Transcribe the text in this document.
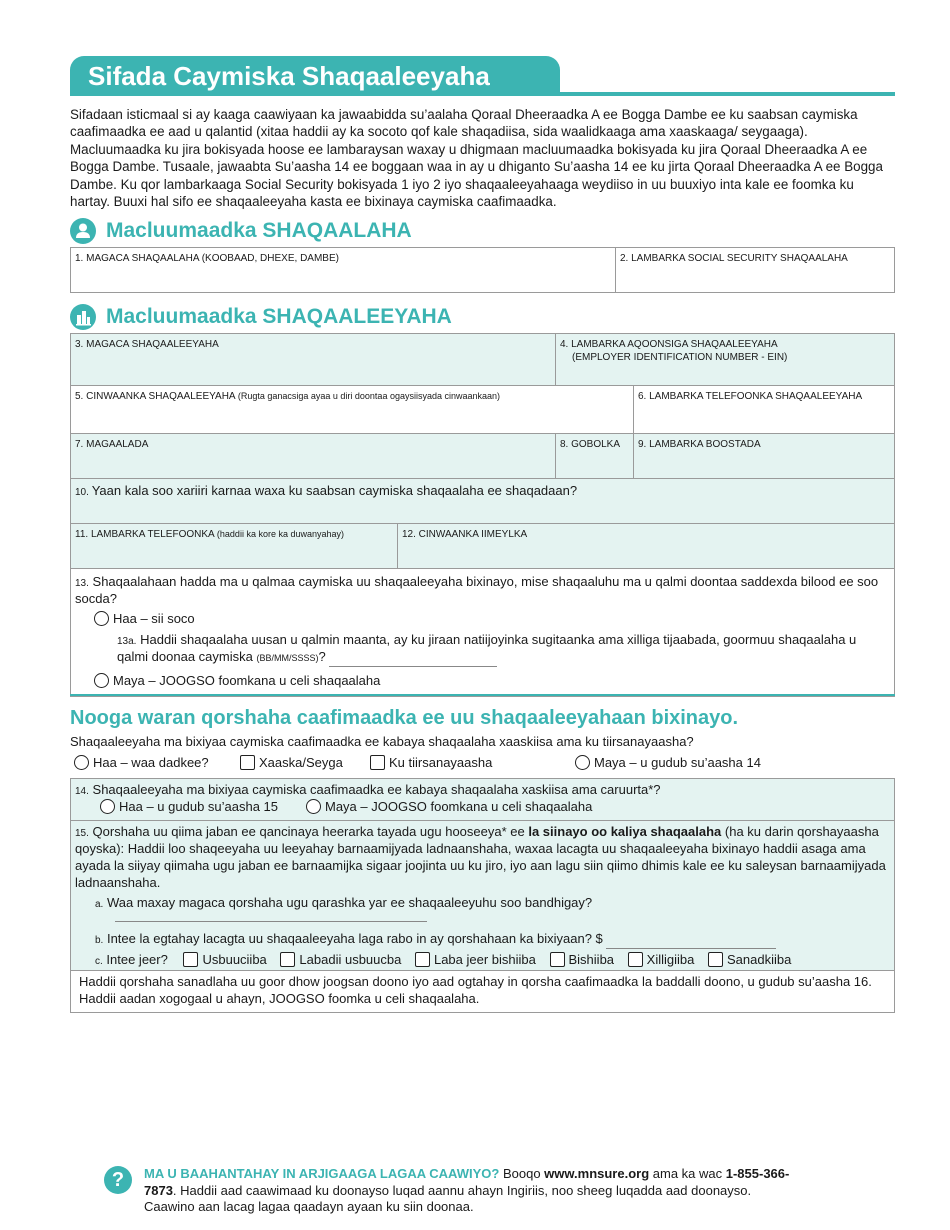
Sifada Caymiska Shaqaaleeyaha
Sifadaan isticmaal si ay kaaga caawiyaan ka jawaabidda su’aalaha Qoraal Dheeraadka A ee Bogga Dambe ee ku saabsan caymiska caafimaadka ee aad u qalantid (xitaa haddii ay ka socoto qof kale shaqadiisa, sida waalidkaaga ama xaaskaaga/ seygaaga). Macluumaadka ku jira bokisyada hoose ee lambaraysan waxay u dhigmaan macluumaadka bokisyada ku jira Qoraal Dheeraadka A ee Bogga Dambe. Tusaale, jawaabta Su’aasha 14 ee boggaan waa in ay u dhiganto Su’aasha 14 ee ku jirta Qoraal Dheeraadka A ee Bogga Dambe. Ku qor lambarkaaga Social Security bokisyada 1 iyo 2 iyo shaqaaleeyahaaga weydiiso in uu buuxiyo inta kale ee foomka ku hartay. Buuxi hal sifo ee shaqaaleeyaha kasta ee bixinaya caymiska caafimaadka.
Macluumaadka SHAQAALAHA
1. MAGACA SHAQAALAHA (KOOBAAD, DHEXE, DAMBE)	2. LAMBARKA SOCIAL SECURITY SHAQAALAHA
Macluumaadka SHAQAALEEYAHA
3. MAGACA SHAQAALEEYAHA	4. LAMBARKA AQOONSIGA SHAQAALEEYAHA
(EMPLOYER IDENTIFICATION NUMBER - EIN)
5. CINWAANKA SHAQAALEEYAHA (Rugta ganacsiga ayaa u diri doontaa ogaysiisyada cinwaankaan)	6. LAMBARKA TELEFOONKA SHAQAALEEYAHA
7. MAGAALADA	8. GOBOLKA	9. LAMBARKA BOOSTADA
10. Yaan kala soo xariiri karnaa waxa ku saabsan caymiska shaqaalaha ee shaqadaan?
11. LAMBARKA TELEFOONKA (haddii ka kore ka duwanyahay)	12. CINWAANKA IIMEYLKA
13. Shaqaalahaan hadda ma u qalmaa caymiska uu shaqaaleeyaha bixinayo, mise shaqaaluhu ma u qalmi doontaa saddexda bilood ee soo socda?
Haa – sii soco
13a. Haddii shaqaalaha uusan u qalmin maanta, ay ku jiraan natiijoyinka sugitaanka ama xilliga tijaabada, goormuu shaqaalaha u qalmi doonaa caymiska (BB/MM/SSSS)?
Maya – JOOGSO foomkana u celi shaqaalaha
Nooga waran qorshaha caafimaadka ee uu shaqaaleeyahaan bixinayo.
Shaqaaleeyaha ma bixiyaa caymiska caafimaadka ee kabaya shaqaalaha xaaskiisa ama ku tiirsanayaasha?
Haa – waa dadkee?	Xaaska/Seyga	Ku tiirsanayaasha	Maya – u gudub su’aasha 14
14. Shaqaaleeyaha ma bixiyaa caymiska caafimaadka ee kabaya shaqaalaha xaskiisa ama caruurta*?
15. Qorshaha uu qiima jaban ee qancinaya heerarka tayada ugu hooseeya* ee la siinayo oo kaliya shaqaalaha (ha ku darin qorshayaasha qoyska): Haddii loo shaqeeyaha uu leeyahay barnaamijyada ladnaanshaha, waxaa lacagta uu shaqaaleeyaha bixinayo haddii asaga ama ayada la siiyay qiimaha ugu jaban ee barnaamijka sigaar joojinta uu ku jiro, iyo aan lagu siin qiimo dhimis kale ee ku saleysan barnaamijyada ladnaanshaha.
Haddii qorshaha sanadlaha uu goor dhow joogsan doono iyo aad ogtahay in qorsha caafimaadka la baddalli doono, u gudub su’aasha 16. Haddii aadan xogogaal u ahayn, JOOGSO foomka u celi shaqaalaha.
a. Waa maxay magaca qorshaha ugu qarashka yar ee shaqaaleeyuhu soo bandhigay?
b. Intee la egtahay lacagta uu shaqaaleeyaha laga rabo in ay qorshahaan ka bixiyaan? $
c. Intee jeer?	Usbuuciiba	Labadii usbuucba	Laba jeer bishiiba	Bishiiba	Xilligiiba	Sanadkiiba
Haa – u gudub su’aasha 15	Maya – JOOGSO foomkana u celi shaqaalaha
?	MA U BAAHANTAHAY IN ARJIGAAGA LAGAA CAAWIYO? Booqo www.mnsure.org ama ka wac 1-855-366-7873. Haddii aad caawimaad ku doonayso luqad aannu ahayn Ingiriis, noo sheeg luqadda aad doonayso. Caawino aan lacag lagaa qaadayn ayaan ku siin doonaa.
